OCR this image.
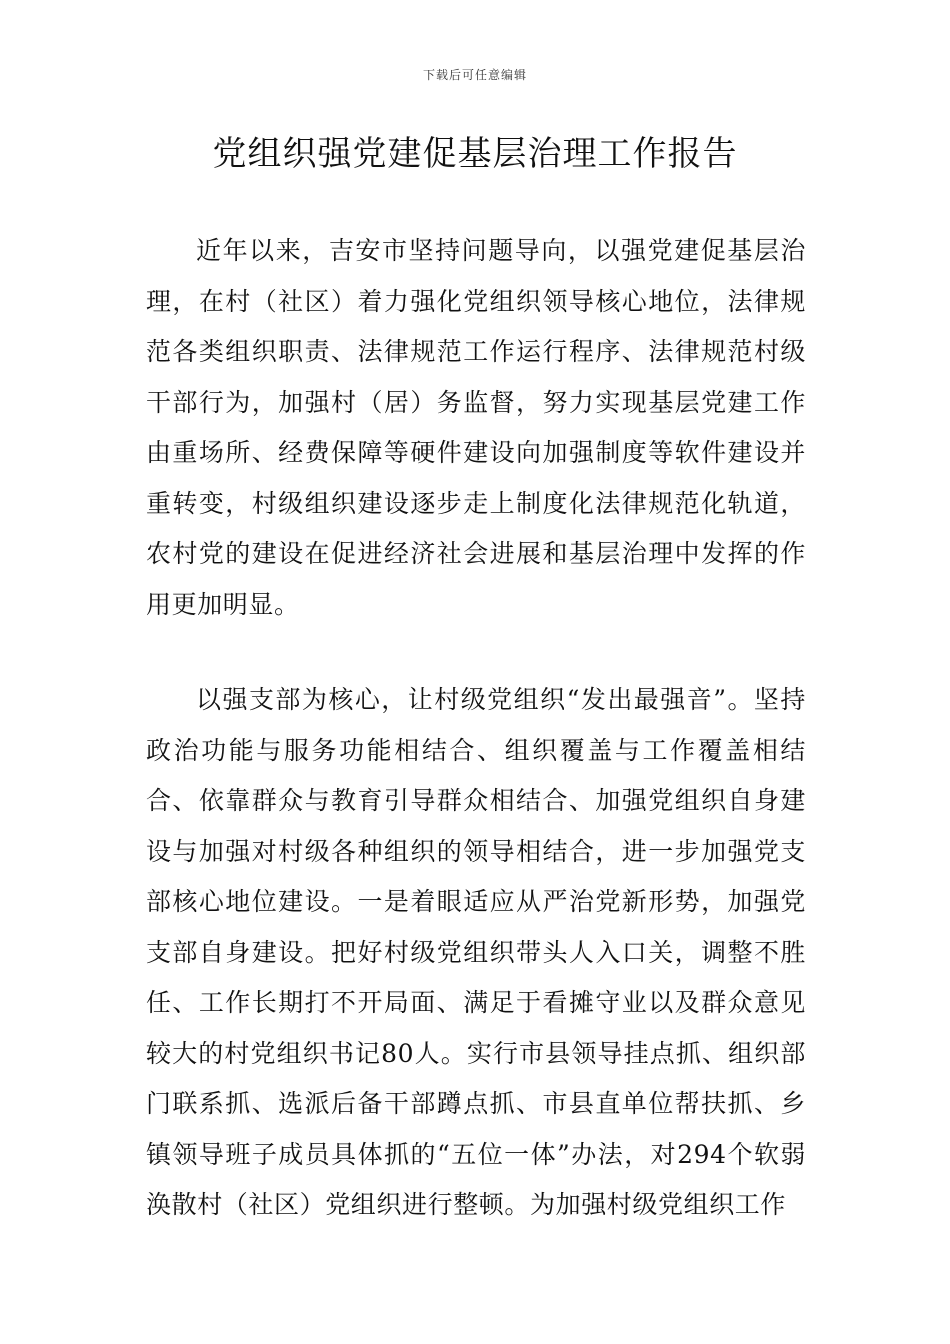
下载后可任意编辑
党组织强党建促基层治理工作报告

近年以来，吉安市坚持问题导向，以强党建促基层治理，在村（社区）着力强化党组织领导核心地位，法律规范各类组织职责、法律规范工作运行程序、法律规范村级干部行为，加强村（居）务监督，努力实现基层党建工作由重场所、经费保障等硬件建设向加强制度等软件建设并重转变，村级组织建设逐步走上制度化法律规范化轨道，农村党的建设在促进经济社会进展和基层治理中发挥的作用更加明显。

以强支部为核心，让村级党组织“发出最强音”。坚持政治功能与服务功能相结合、组织覆盖与工作覆盖相结合、依靠群众与教育引导群众相结合、加强党组织自身建设与加强对村级各种组织的领导相结合，进一步加强党支部核心地位建设。一是着眼适应从严治党新形势，加强党支部自身建设。把好村级党组织带头人入口关，调整不胜任、工作长期打不开局面、满足于看摊守业以及群众意见较大的村党组织书记80人。实行市县领导挂点抓、组织部门联系抓、选派后备干部蹲点抓、市县直单位帮扶抓、乡镇领导班子成员具体抓的“五位一体”办法，对294个软弱涣散村（社区）党组织进行整顿。为加强村级党组织工作
